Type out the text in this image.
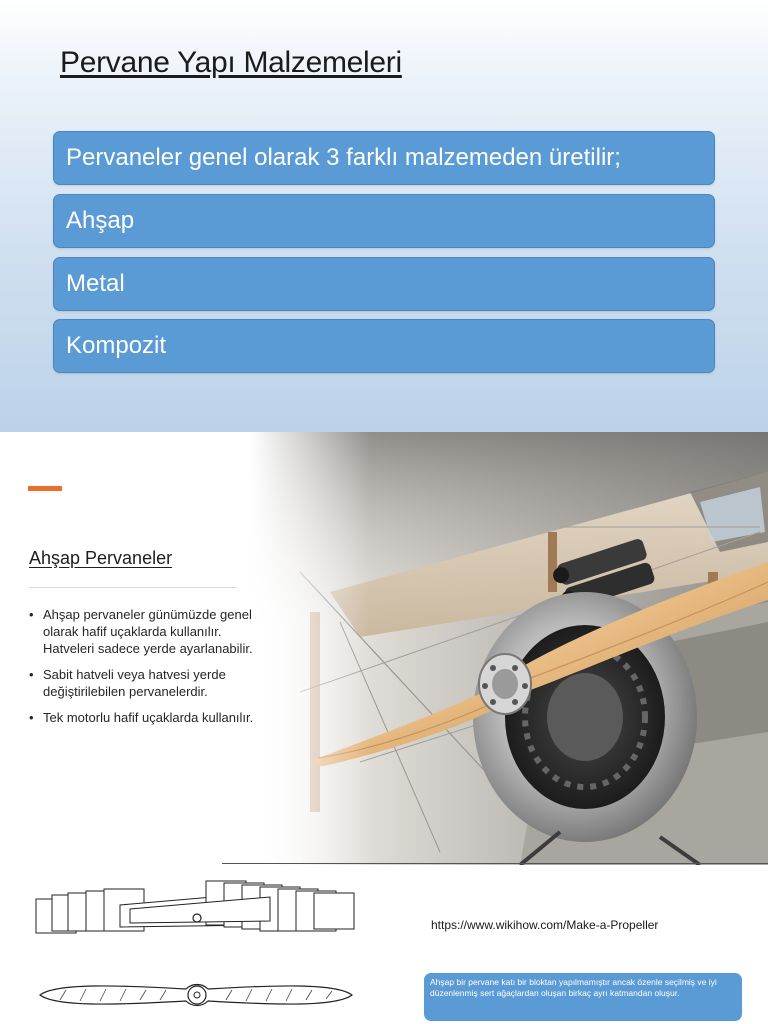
Pervane Yapı Malzemeleri
Pervaneler genel olarak 3 farklı malzemeden üretilir;
Ahşap
Metal
Kompozit
Ahşap Pervaneler
• Ahşap pervaneler günümüzde genel olarak hafif uçaklarda kullanılır. Hatveleri sadece yerde ayarlanabilir.
• Sabit hatveli veya hatvesi yerde değiştirilebilen pervanelerdir.
• Tek motorlu hafif uçaklarda kullanılır.
https://www.wikihow.com/Make-a-Propeller
Ahşap bir pervane katı bir bloktan yapılmamıştır ancak özenle seçilmiş ve iyi düzenlenmiş sert ağaçlardan oluşan birkaç ayrı katmandan oluşur.
